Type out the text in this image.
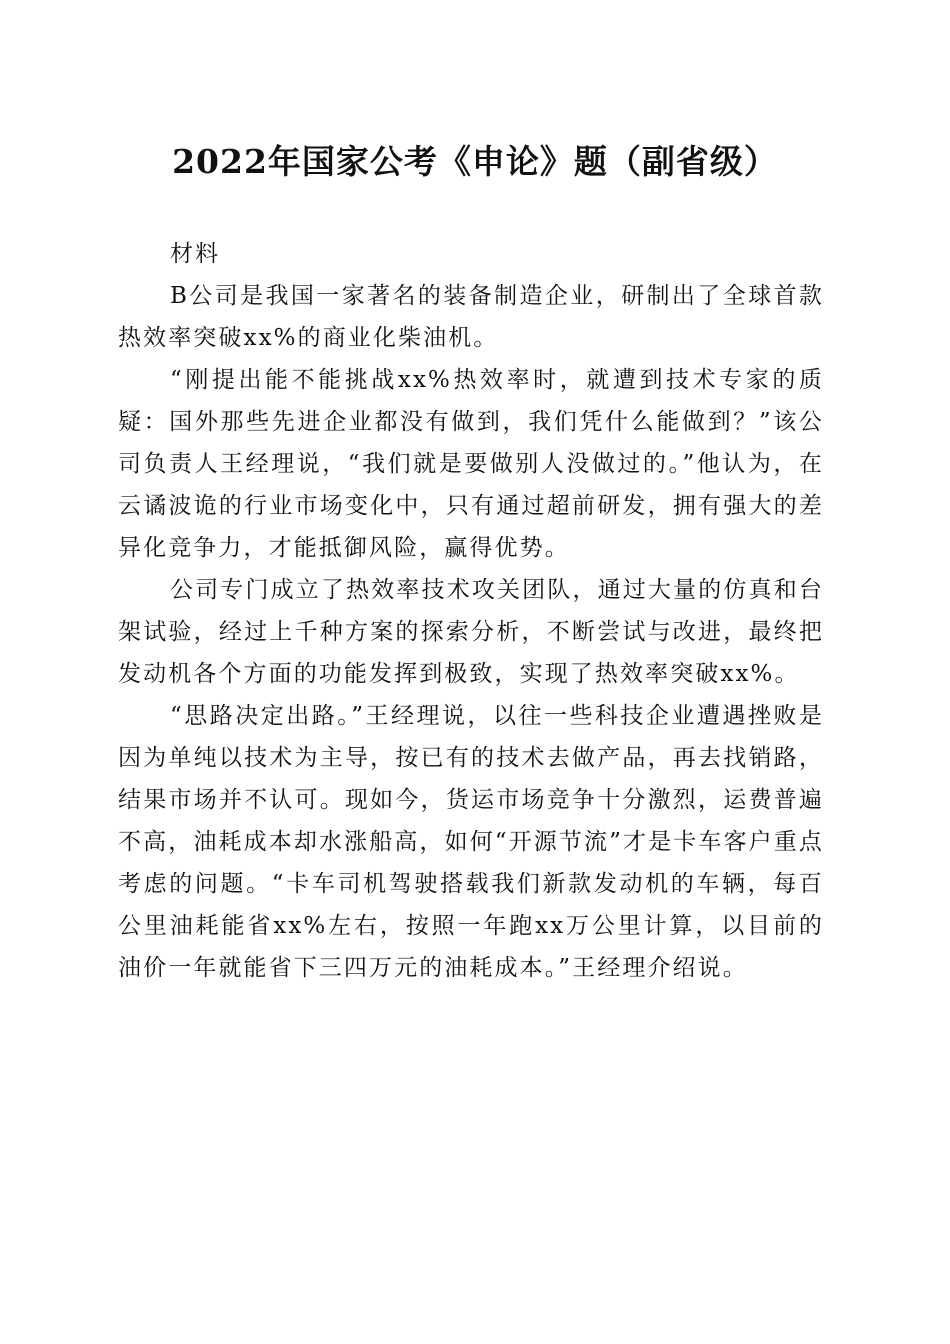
2022年国家公考《申论》题（副省级）

材料

B公司是我国一家著名的装备制造企业，研制出了全球首款热效率突破xx%的商业化柴油机。

“刚提出能不能挑战xx%热效率时，就遭到技术专家的质疑：国外那些先进企业都没有做到，我们凭什么能做到？”该公司负责人王经理说，“我们就是要做别人没做过的。”他认为，在云谲波诡的行业市场变化中，只有通过超前研发，拥有强大的差异化竞争力，才能抵御风险，赢得优势。

公司专门成立了热效率技术攻关团队，通过大量的仿真和台架试验，经过上千种方案的探索分析，不断尝试与改进，最终把发动机各个方面的功能发挥到极致，实现了热效率突破xx%。

“思路决定出路。”王经理说，以往一些科技企业遭遇挫败是因为单纯以技术为主导，按已有的技术去做产品，再去找销路，结果市场并不认可。现如今，货运市场竞争十分激烈，运费普遍不高，油耗成本却水涨船高，如何“开源节流”才是卡车客户重点考虑的问题。“卡车司机驾驶搭载我们新款发动机的车辆，每百公里油耗能省xx%左右，按照一年跑xx万公里计算，以目前的油价一年就能省下三四万元的油耗成本。”王经理介绍说。
